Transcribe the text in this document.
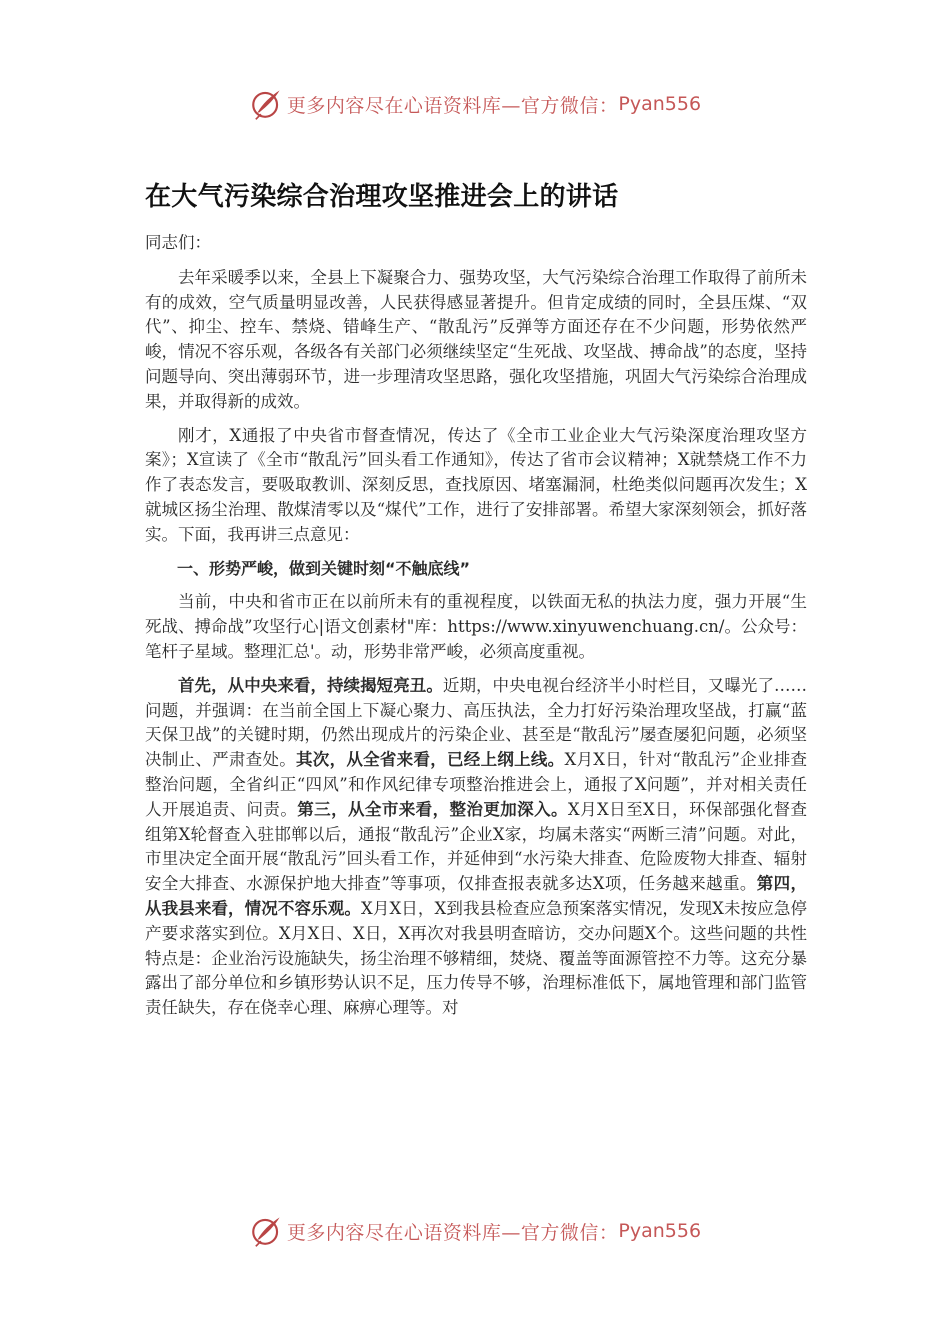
更多内容尽在心语资料库—官方微信： Pyan556
在大气污染综合治理攻坚推进会上的讲话

同志们：

去年采暖季以来，全县上下凝聚合力、强势攻坚，大气污染综合治理工作取得了前所未有的成效，空气质量明显改善，人民获得感显著提升。但肯定成绩的同时，全县压煤、“双代”、抑尘、控车、禁烧、错峰生产、“散乱污”反弹等方面还存在不少问题，形势依然严峻，情况不容乐观，各级各有关部门必须继续坚定“生死战、攻坚战、搏命战”的态度，坚持问题导向、突出薄弱环节，进一步理清攻坚思路，强化攻坚措施，巩固大气污染综合治理成果，并取得新的成效。

刚才，X通报了中央省市督查情况，传达了《全市工业企业大气污染深度治理攻坚方案》；X宣读了《全市“散乱污”回头看工作通知》，传达了省市会议精神；X就禁烧工作不力作了表态发言，要吸取教训、深刻反思，查找原因、堵塞漏洞，杜绝类似问题再次发生；X就城区扬尘治理、散煤清零以及“煤代”工作，进行了安排部署。希望大家深刻领会，抓好落实。下面，我再讲三点意见：

一、形势严峻，做到关键时刻“不触底线”

当前，中央和省市正在以前所未有的重视程度，以铁面无私的执法力度，强力开展“生死战、搏命战”攻坚行心|语文创素材"库：https://www.xinyuwenchuang.cn/。公众号：笔杆子星域。整理汇总'。动，形势非常严峻，必须高度重视。

首先，从中央来看，持续揭短亮丑。近期，中央电视台经济半小时栏目，又曝光了……问题，并强调：在当前全国上下凝心聚力、高压执法，全力打好污染治理攻坚战，打赢“蓝天保卫战”的关键时期，仍然出现成片的污染企业、甚至是“散乱污”屡查屡犯问题，必须坚决制止、严肃查处。其次，从全省来看，已经上纲上线。X月X日，针对“散乱污”企业排查整治问题，全省纠正“四风”和作风纪律专项整治推进会上，通报了X问题”，并对相关责任人开展追责、问责。第三，从全市来看，整治更加深入。X月X日至X日，环保部强化督查组第X轮督查入驻邯郸以后，通报“散乱污”企业X家，均属未落实“两断三清”问题。对此，市里决定全面开展“散乱污”回头看工作，并延伸到“水污染大排查、危险废物大排查、辐射安全大排查、水源保护地大排查”等事项，仅排查报表就多达X项，任务越来越重。第四，从我县来看，情况不容乐观。X月X日，X到我县检查应急预案落实情况，发现X未按应急停产要求落实到位。X月X日、X日，X再次对我县明查暗访，交办问题X个。这些问题的共性特点是：企业治污设施缺失，扬尘治理不够精细，焚烧、覆盖等面源管控不力等。这充分暴露出了部分单位和乡镇形势认识不足，压力传导不够，治理标准低下，属地管理和部门监管责任缺失，存在侥幸心理、麻痹心理等。对

更多内容尽在心语资料库—官方微信： Pyan556
